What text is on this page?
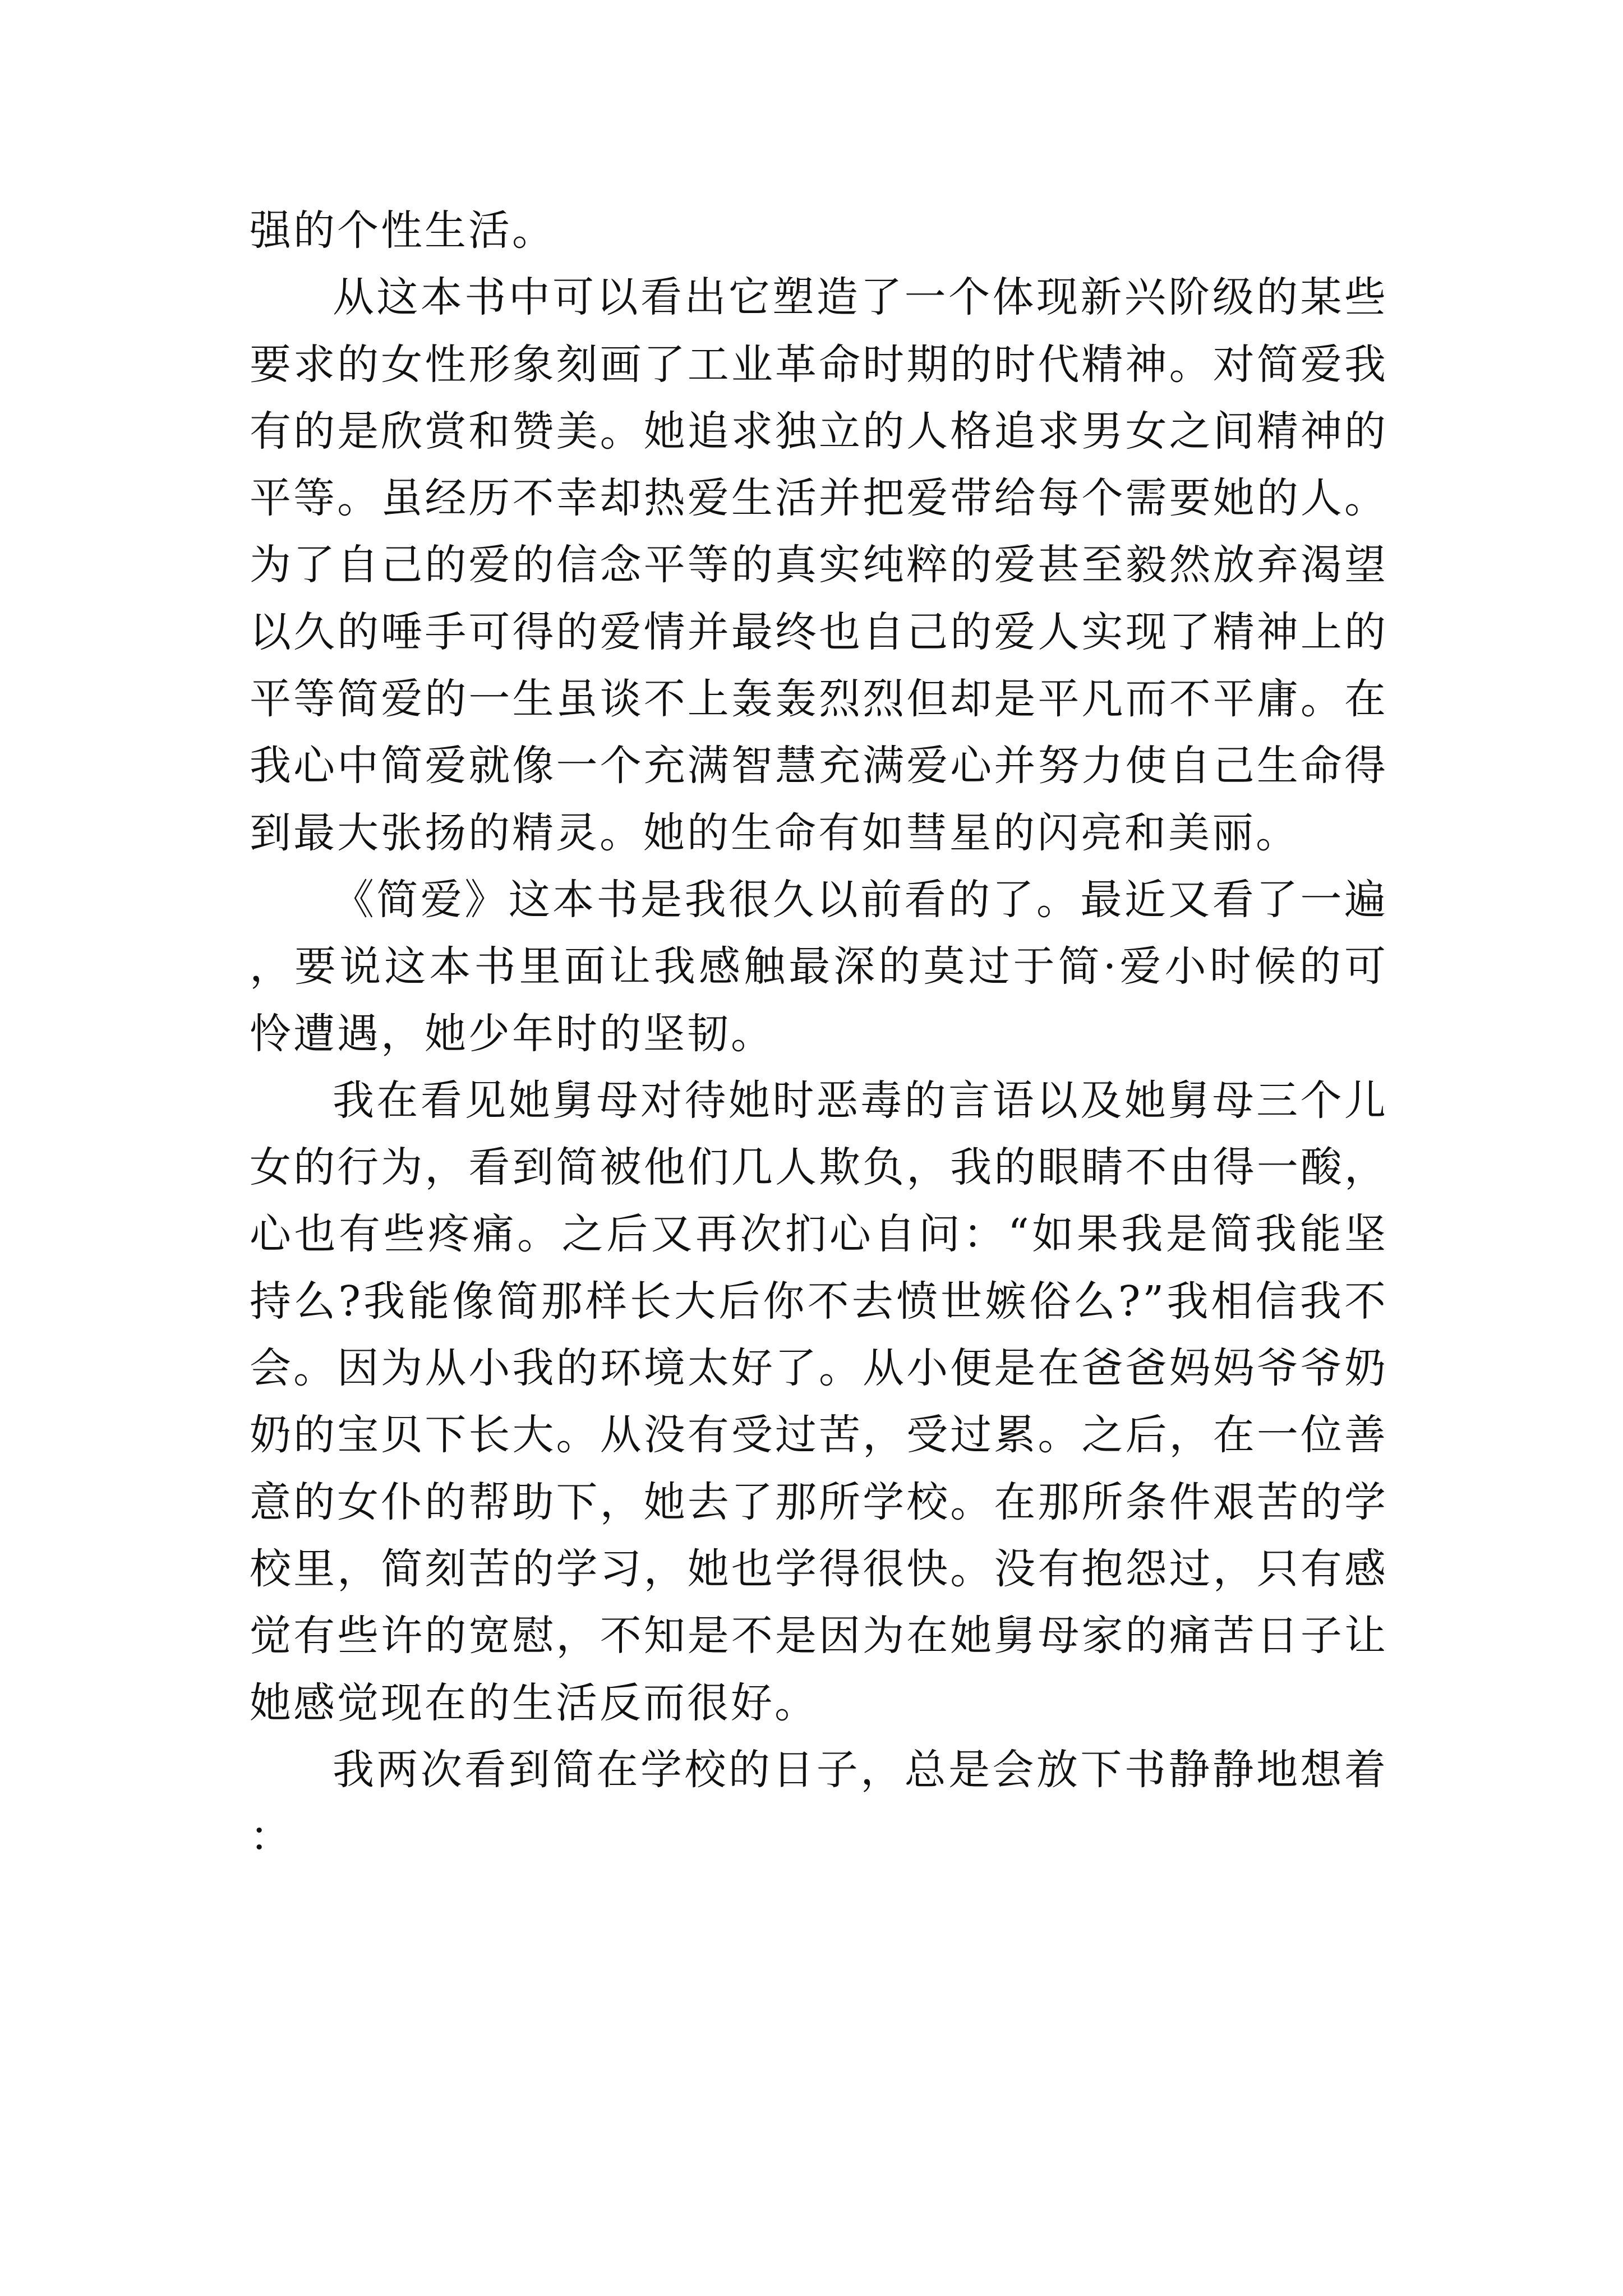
强的个性生活。

从这本书中可以看出它塑造了一个体现新兴阶级的某些要求的女性形象刻画了工业革命时期的时代精神。对简爱我有的是欣赏和赞美。她追求独立的人格追求男女之间精神的平等。虽经历不幸却热爱生活并把爱带给每个需要她的人。为了自己的爱的信念平等的真实纯粹的爱甚至毅然放弃渴望以久的唾手可得的爱情并最终也自己的爱人实现了精神上的平等简爱的一生虽谈不上轰轰烈烈但却是平凡而不平庸。在我心中简爱就像一个充满智慧充满爱心并努力使自己生命得到最大张扬的精灵。她的生命有如彗星的闪亮和美丽。

《简爱》这本书是我很久以前看的了。最近又看了一遍，要说这本书里面让我感触最深的莫过于简·爱小时候的可怜遭遇，她少年时的坚韧。

我在看见她舅母对待她时恶毒的言语以及她舅母三个儿女的行为，看到简被他们几人欺负，我的眼睛不由得一酸，心也有些疼痛。之后又再次扪心自问：“如果我是简我能坚持么?我能像简那样长大后你不去愤世嫉俗么?”我相信我不会。因为从小我的环境太好了。从小便是在爸爸妈妈爷爷奶奶的宝贝下长大。从没有受过苦，受过累。之后，在一位善意的女仆的帮助下，她去了那所学校。在那所条件艰苦的学校里，简刻苦的学习，她也学得很快。没有抱怨过，只有感觉有些许的宽慰，不知是不是因为在她舅母家的痛苦日子让她感觉现在的生活反而很好。

我两次看到简在学校的日子，总是会放下书静静地想着：
